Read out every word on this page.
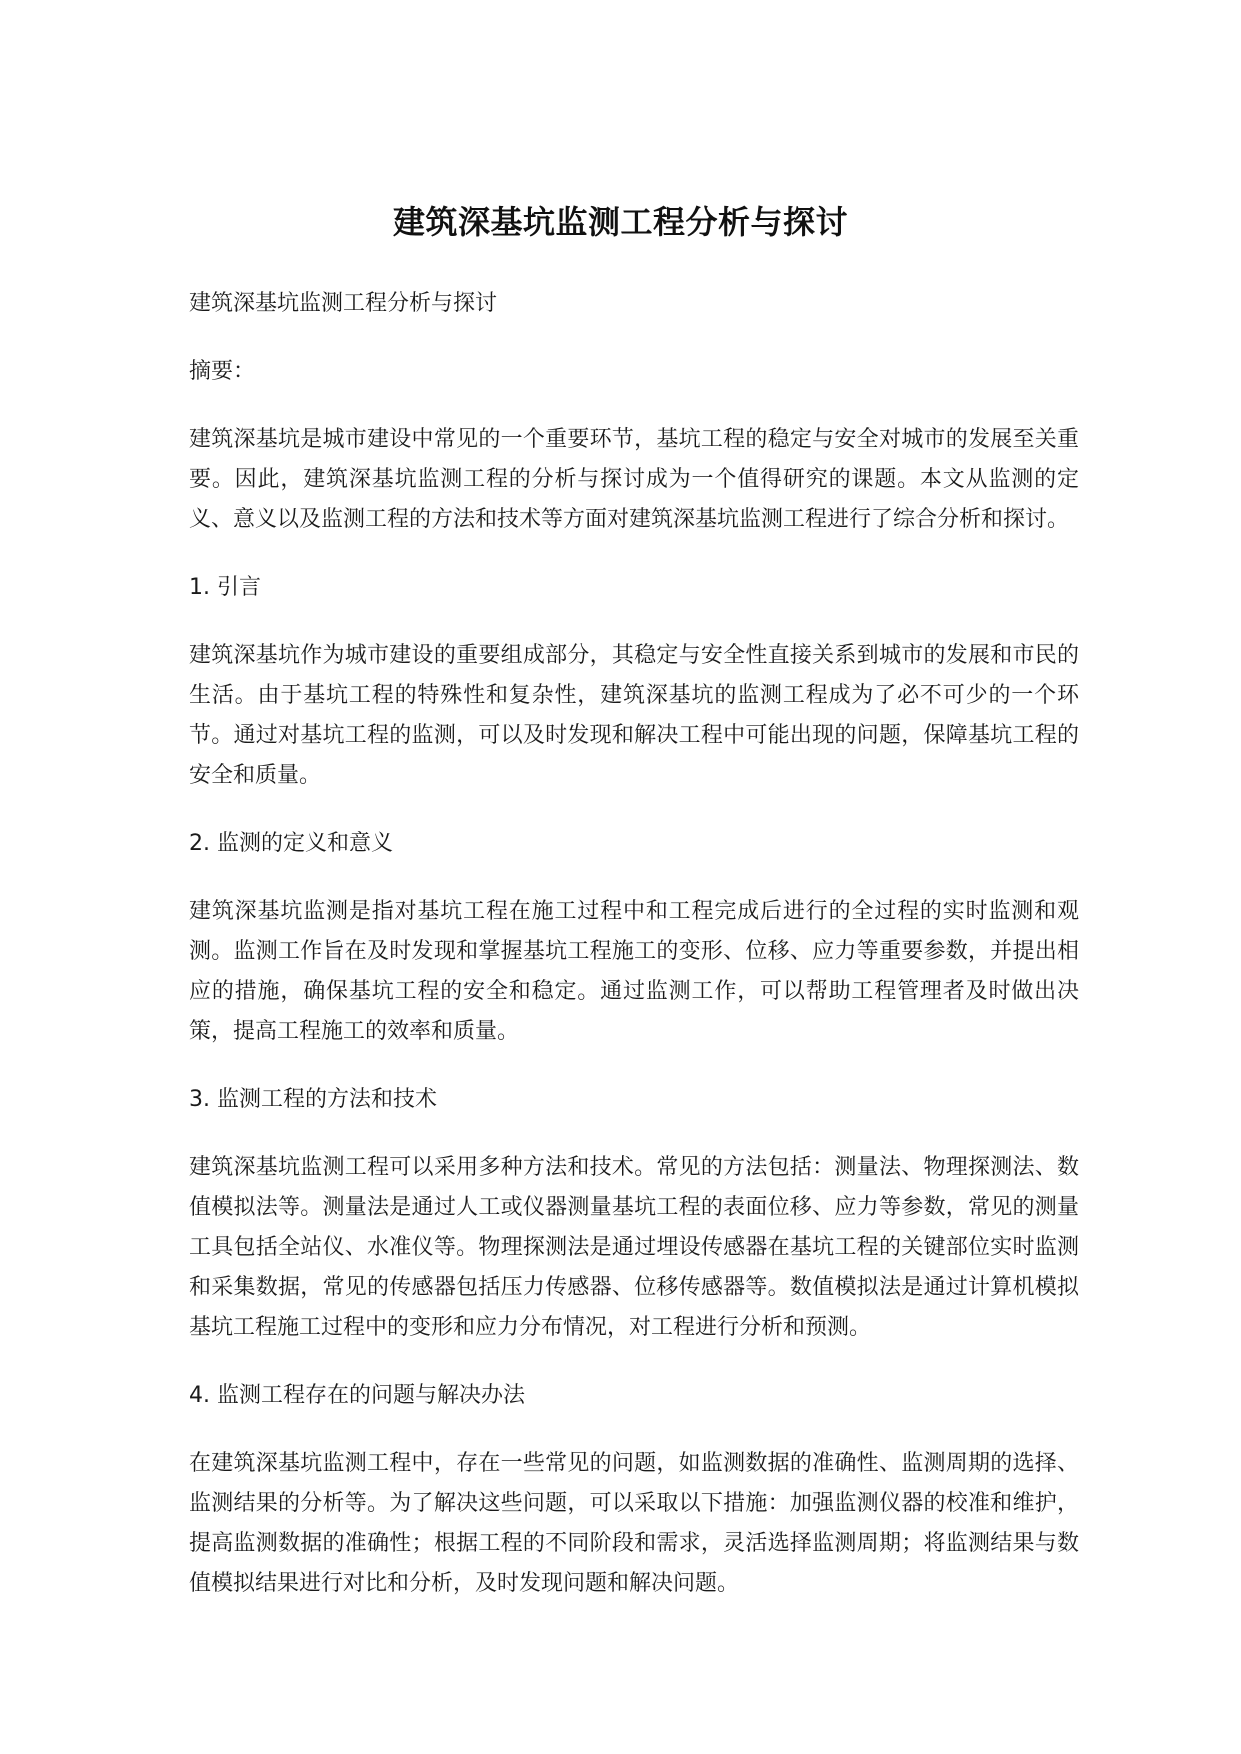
建筑深基坑监测工程分析与探讨

建筑深基坑监测工程分析与探讨

摘要：

建筑深基坑是城市建设中常见的一个重要环节，基坑工程的稳定与安全对城市的发展至关重要。因此，建筑深基坑监测工程的分析与探讨成为一个值得研究的课题。本文从监测的定义、意义以及监测工程的方法和技术等方面对建筑深基坑监测工程进行了综合分析和探讨。

1. 引言

建筑深基坑作为城市建设的重要组成部分，其稳定与安全性直接关系到城市的发展和市民的生活。由于基坑工程的特殊性和复杂性，建筑深基坑的监测工程成为了必不可少的一个环节。通过对基坑工程的监测，可以及时发现和解决工程中可能出现的问题，保障基坑工程的安全和质量。

2. 监测的定义和意义

建筑深基坑监测是指对基坑工程在施工过程中和工程完成后进行的全过程的实时监测和观测。监测工作旨在及时发现和掌握基坑工程施工的变形、位移、应力等重要参数，并提出相应的措施，确保基坑工程的安全和稳定。通过监测工作，可以帮助工程管理者及时做出决策，提高工程施工的效率和质量。

3. 监测工程的方法和技术

建筑深基坑监测工程可以采用多种方法和技术。常见的方法包括：测量法、物理探测法、数值模拟法等。测量法是通过人工或仪器测量基坑工程的表面位移、应力等参数，常见的测量工具包括全站仪、水准仪等。物理探测法是通过埋设传感器在基坑工程的关键部位实时监测和采集数据，常见的传感器包括压力传感器、位移传感器等。数值模拟法是通过计算机模拟基坑工程施工过程中的变形和应力分布情况，对工程进行分析和预测。

4. 监测工程存在的问题与解决办法

在建筑深基坑监测工程中，存在一些常见的问题，如监测数据的准确性、监测周期的选择、监测结果的分析等。为了解决这些问题，可以采取以下措施：加强监测仪器的校准和维护，提高监测数据的准确性；根据工程的不同阶段和需求，灵活选择监测周期；将监测结果与数值模拟结果进行对比和分析，及时发现问题和解决问题。
